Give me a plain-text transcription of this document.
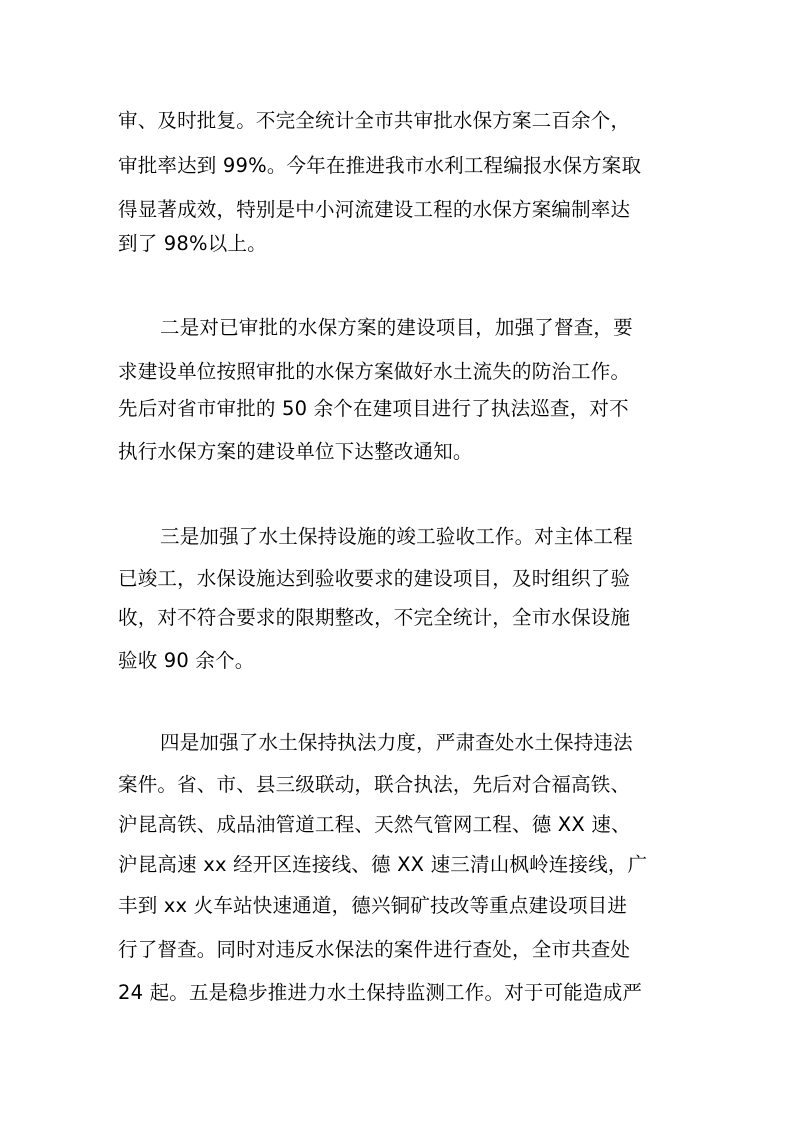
审、及时批复。不完全统计全市共审批水保方案二百余个，
审批率达到 99%。今年在推进我市水利工程编报水保方案取
得显著成效，特别是中小河流建设工程的水保方案编制率达
到了 98%以上。
二是对已审批的水保方案的建设项目，加强了督查，要
求建设单位按照审批的水保方案做好水土流失的防治工作。
先后对省市审批的 50 余个在建项目进行了执法巡查，对不
执行水保方案的建设单位下达整改通知。
三是加强了水土保持设施的竣工验收工作。对主体工程
已竣工，水保设施达到验收要求的建设项目，及时组织了验
收，对不符合要求的限期整改，不完全统计，全市水保设施
验收 90 余个。
四是加强了水土保持执法力度，严肃查处水土保持违法
案件。省、市、县三级联动，联合执法，先后对合福高铁、
沪昆高铁、成品油管道工程、天然气管网工程、德 XX 速、
沪昆高速 xx 经开区连接线、德 XX 速三清山枫岭连接线，广
丰到 xx 火车站快速通道，德兴铜矿技改等重点建设项目进
行了督查。同时对违反水保法的案件进行查处，全市共查处
24 起。五是稳步推进力水土保持监测工作。对于可能造成严
